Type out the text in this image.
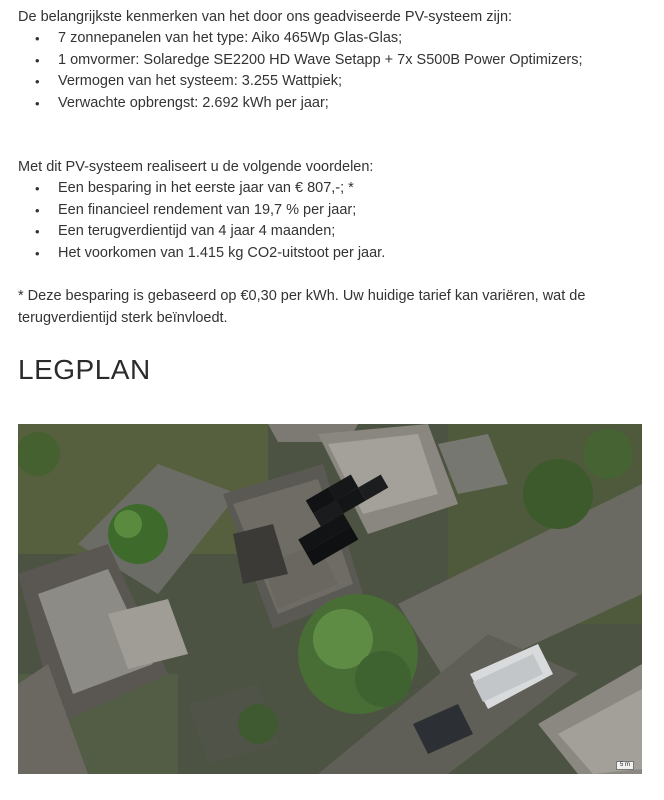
De belangrijkste kenmerken van het door ons geadviseerde PV-systeem zijn:

• 7 zonnepanelen van het type: Aiko 465Wp Glas-Glas;
• 1 omvormer: Solaredge SE2200 HD Wave Setapp + 7x S500B Power Optimizers;
• Vermogen van het systeem: 3.255 Wattpiek;
• Verwachte opbrengst: 2.692 kWh per jaar;

Met dit PV-systeem realiseert u de volgende voordelen:

• Een besparing in het eerste jaar van € 807,-; *
• Een financieel rendement van 19,7 % per jaar;
• Een terugverdientijd van 4 jaar 4 maanden;
• Het voorkomen van 1.415 kg CO2-uitstoot per jaar.

* Deze besparing is gebaseerd op €0,30 per kWh. Uw huidige tarief kan variëren, wat de terugverdientijd sterk beïnvloedt.

LEGPLAN
5 m
